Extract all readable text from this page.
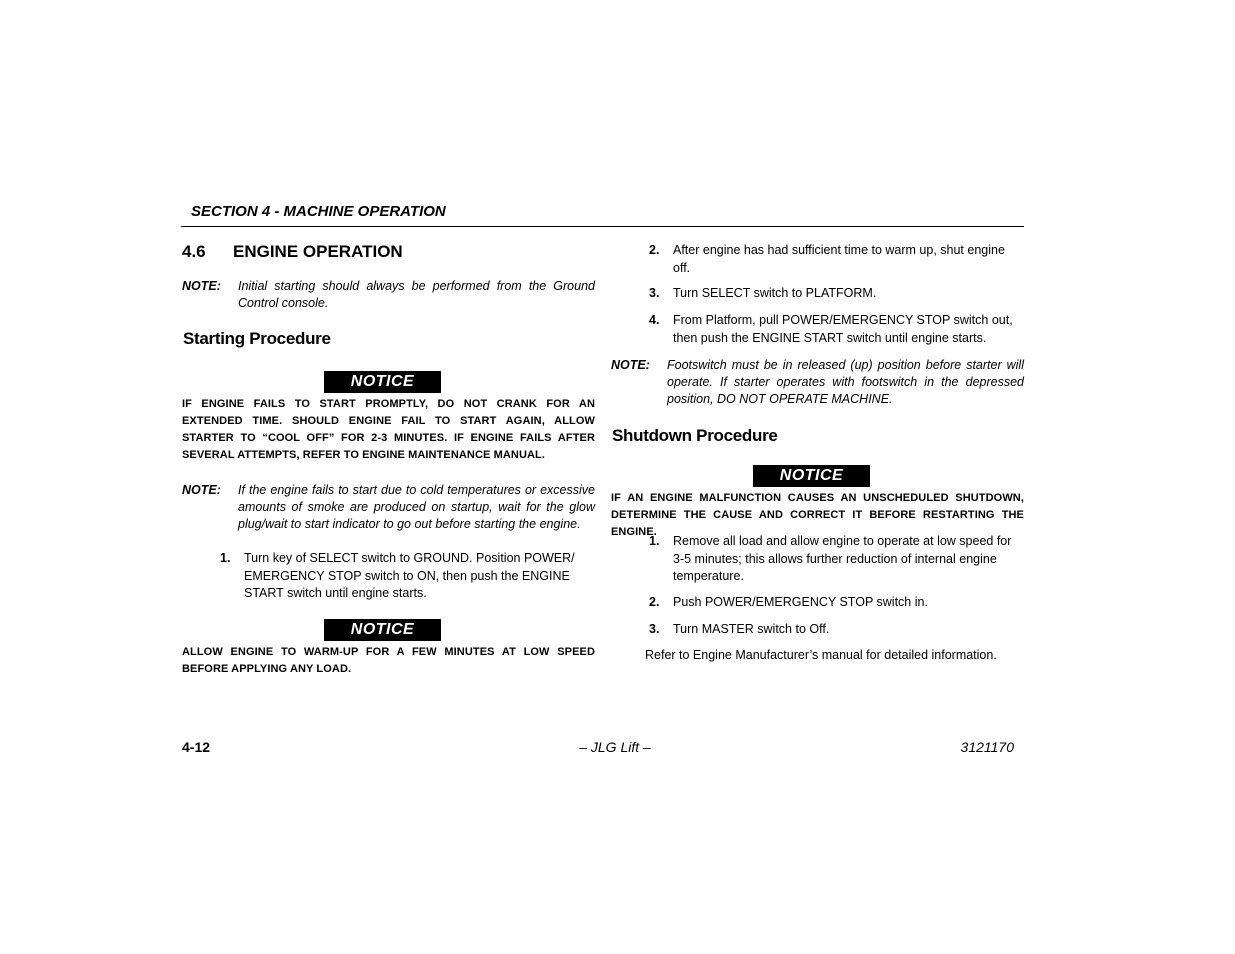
SECTION 4 - MACHINE OPERATION
4.6 ENGINE OPERATION
NOTE: Initial starting should always be performed from the Ground Control console.
Starting Procedure
NOTICE
IF ENGINE FAILS TO START PROMPTLY, DO NOT CRANK FOR AN EXTENDED TIME. SHOULD ENGINE FAIL TO START AGAIN, ALLOW STARTER TO “COOL OFF” FOR 2-3 MINUTES. IF ENGINE FAILS AFTER SEVERAL ATTEMPTS, REFER TO ENGINE MAINTENANCE MANUAL.
NOTE: If the engine fails to start due to cold temperatures or excessive amounts of smoke are produced on startup, wait for the glow plug/wait to start indicator to go out before starting the engine.
1. Turn key of SELECT switch to GROUND. Position POWER/ EMERGENCY STOP switch to ON, then push the ENGINE START switch until engine starts.
NOTICE
ALLOW ENGINE TO WARM-UP FOR A FEW MINUTES AT LOW SPEED BEFORE APPLYING ANY LOAD.
2. After engine has had sufficient time to warm up, shut engine off.
3. Turn SELECT switch to PLATFORM.
4. From Platform, pull POWER/EMERGENCY STOP switch out, then push the ENGINE START switch until engine starts.
NOTE: Footswitch must be in released (up) position before starter will operate. If starter operates with footswitch in the depressed position, DO NOT OPERATE MACHINE.
Shutdown Procedure
NOTICE
IF AN ENGINE MALFUNCTION CAUSES AN UNSCHEDULED SHUTDOWN, DETERMINE THE CAUSE AND CORRECT IT BEFORE RESTARTING THE ENGINE.
1. Remove all load and allow engine to operate at low speed for 3-5 minutes; this allows further reduction of internal engine temperature.
2. Push POWER/EMERGENCY STOP switch in.
3. Turn MASTER switch to Off.
Refer to Engine Manufacturer’s manual for detailed information.
4-12	– JLG Lift –	3121170
